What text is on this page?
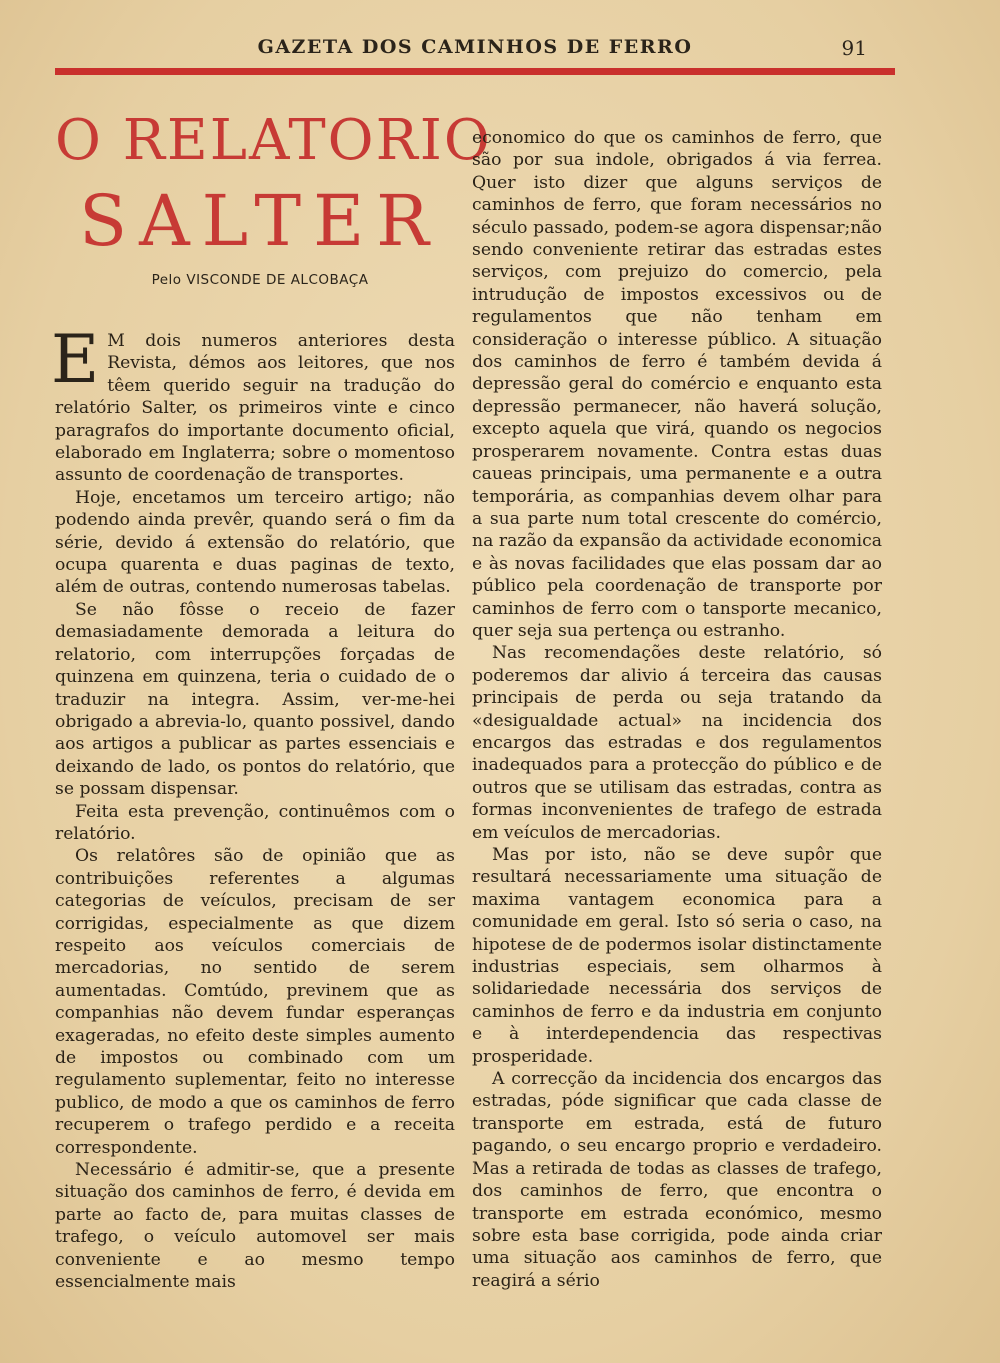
GAZETA DOS CAMINHOS DE FERRO	91
O RELATORIO
SALTER
Pelo VISCONDE DE ALCOBAÇA
E M dois numeros anteriores desta Revista, démos aos leitores, que nos têem querido seguir na tradução do relatório Salter, os primeiros vinte e cinco paragrafos do importante documento oficial, elaborado em Inglaterra; sobre o momentoso assunto de coordenação de transportes.

Hoje, encetamos um terceiro artigo; não podendo ainda prevêr, quando será o fim da série, devido á extensão do relatório, que ocupa quarenta e duas paginas de texto, além de outras, contendo numerosas tabelas.

Se não fôsse o receio de fazer demasiadamente demorada a leitura do relatorio, com interrupções forçadas de quinzena em quinzena, teria o cuidado de o traduzir na integra. Assim, ver-me-hei obrigado a abrevia-lo, quanto possivel, dando aos artigos a publicar as partes essenciais e deixando de lado, os pontos do relatório, que se possam dispensar.

Feita esta prevenção, continuêmos com o relatório.

Os relatôres são de opinião que as contribuições referentes a algumas categorias de veículos, precisam de ser corrigidas, especialmente as que dizem respeito aos veículos comerciais de mercadorias, no sentido de serem aumentadas. Comtúdo, previnem que as companhias não devem fundar esperanças exageradas, no efeito deste simples aumento de impostos ou combinado com um regulamento suplementar, feito no interesse publico, de modo a que os caminhos de ferro recuperem o trafego perdido e a receita correspondente.

Necessário é admitir-se, que a presente situação dos caminhos de ferro, é devida em parte ao facto de, para muitas classes de trafego, o veículo automovel ser mais conveniente e ao mesmo tempo essencialmente mais

economico do que os caminhos de ferro, que são por sua indole, obrigados á via ferrea. Quer isto dizer que alguns serviços de caminhos de ferro, que foram necessários no século passado, podem-se agora dispensar;não sendo conveniente retirar das estradas estes serviços, com prejuizo do comercio, pela intrudução de impostos excessivos ou de regulamentos que não tenham em consideração o interesse público. A situação dos caminhos de ferro é também devida á depressão geral do comércio e enquanto esta depressão permanecer, não haverá solução, excepto aquela que virá, quando os negocios prosperarem novamente. Contra estas duas caueas principais, uma permanente e a outra temporária, as companhias devem olhar para a sua parte num total crescente do comércio, na razão da expansão da actividade economica e às novas facilidades que elas possam dar ao público pela coordenação de transporte por caminhos de ferro com o tansporte mecanico, quer seja sua pertença ou estranho.

Nas recomendações deste relatório, só poderemos dar alivio á terceira das causas principais de perda ou seja tratando da «desigualdade actual» na incidencia dos encargos das estradas e dos regulamentos inadequados para a protecção do público e de outros que se utilisam das estradas, contra as formas inconvenientes de trafego de estrada em veículos de mercadorias.

Mas por isto, não se deve supôr que resultará necessariamente uma situação de maxima vantagem economica para a comunidade em geral. Isto só seria o caso, na hipotese de de podermos isolar distinctamente industrias especiais, sem olharmos à solidariedade necessária dos serviços de caminhos de ferro e da industria em conjunto e à interdependencia das respectivas prosperidade.

A correcção da incidencia dos encargos das estradas, póde significar que cada classe de transporte em estrada, está de futuro pagando, o seu encargo proprio e verdadeiro. Mas a retirada de todas as classes de trafego, dos caminhos de ferro, que encontra o transporte em estrada económico, mesmo sobre esta base corrigida, pode ainda criar uma situação aos caminhos de ferro, que reagirá a sério
